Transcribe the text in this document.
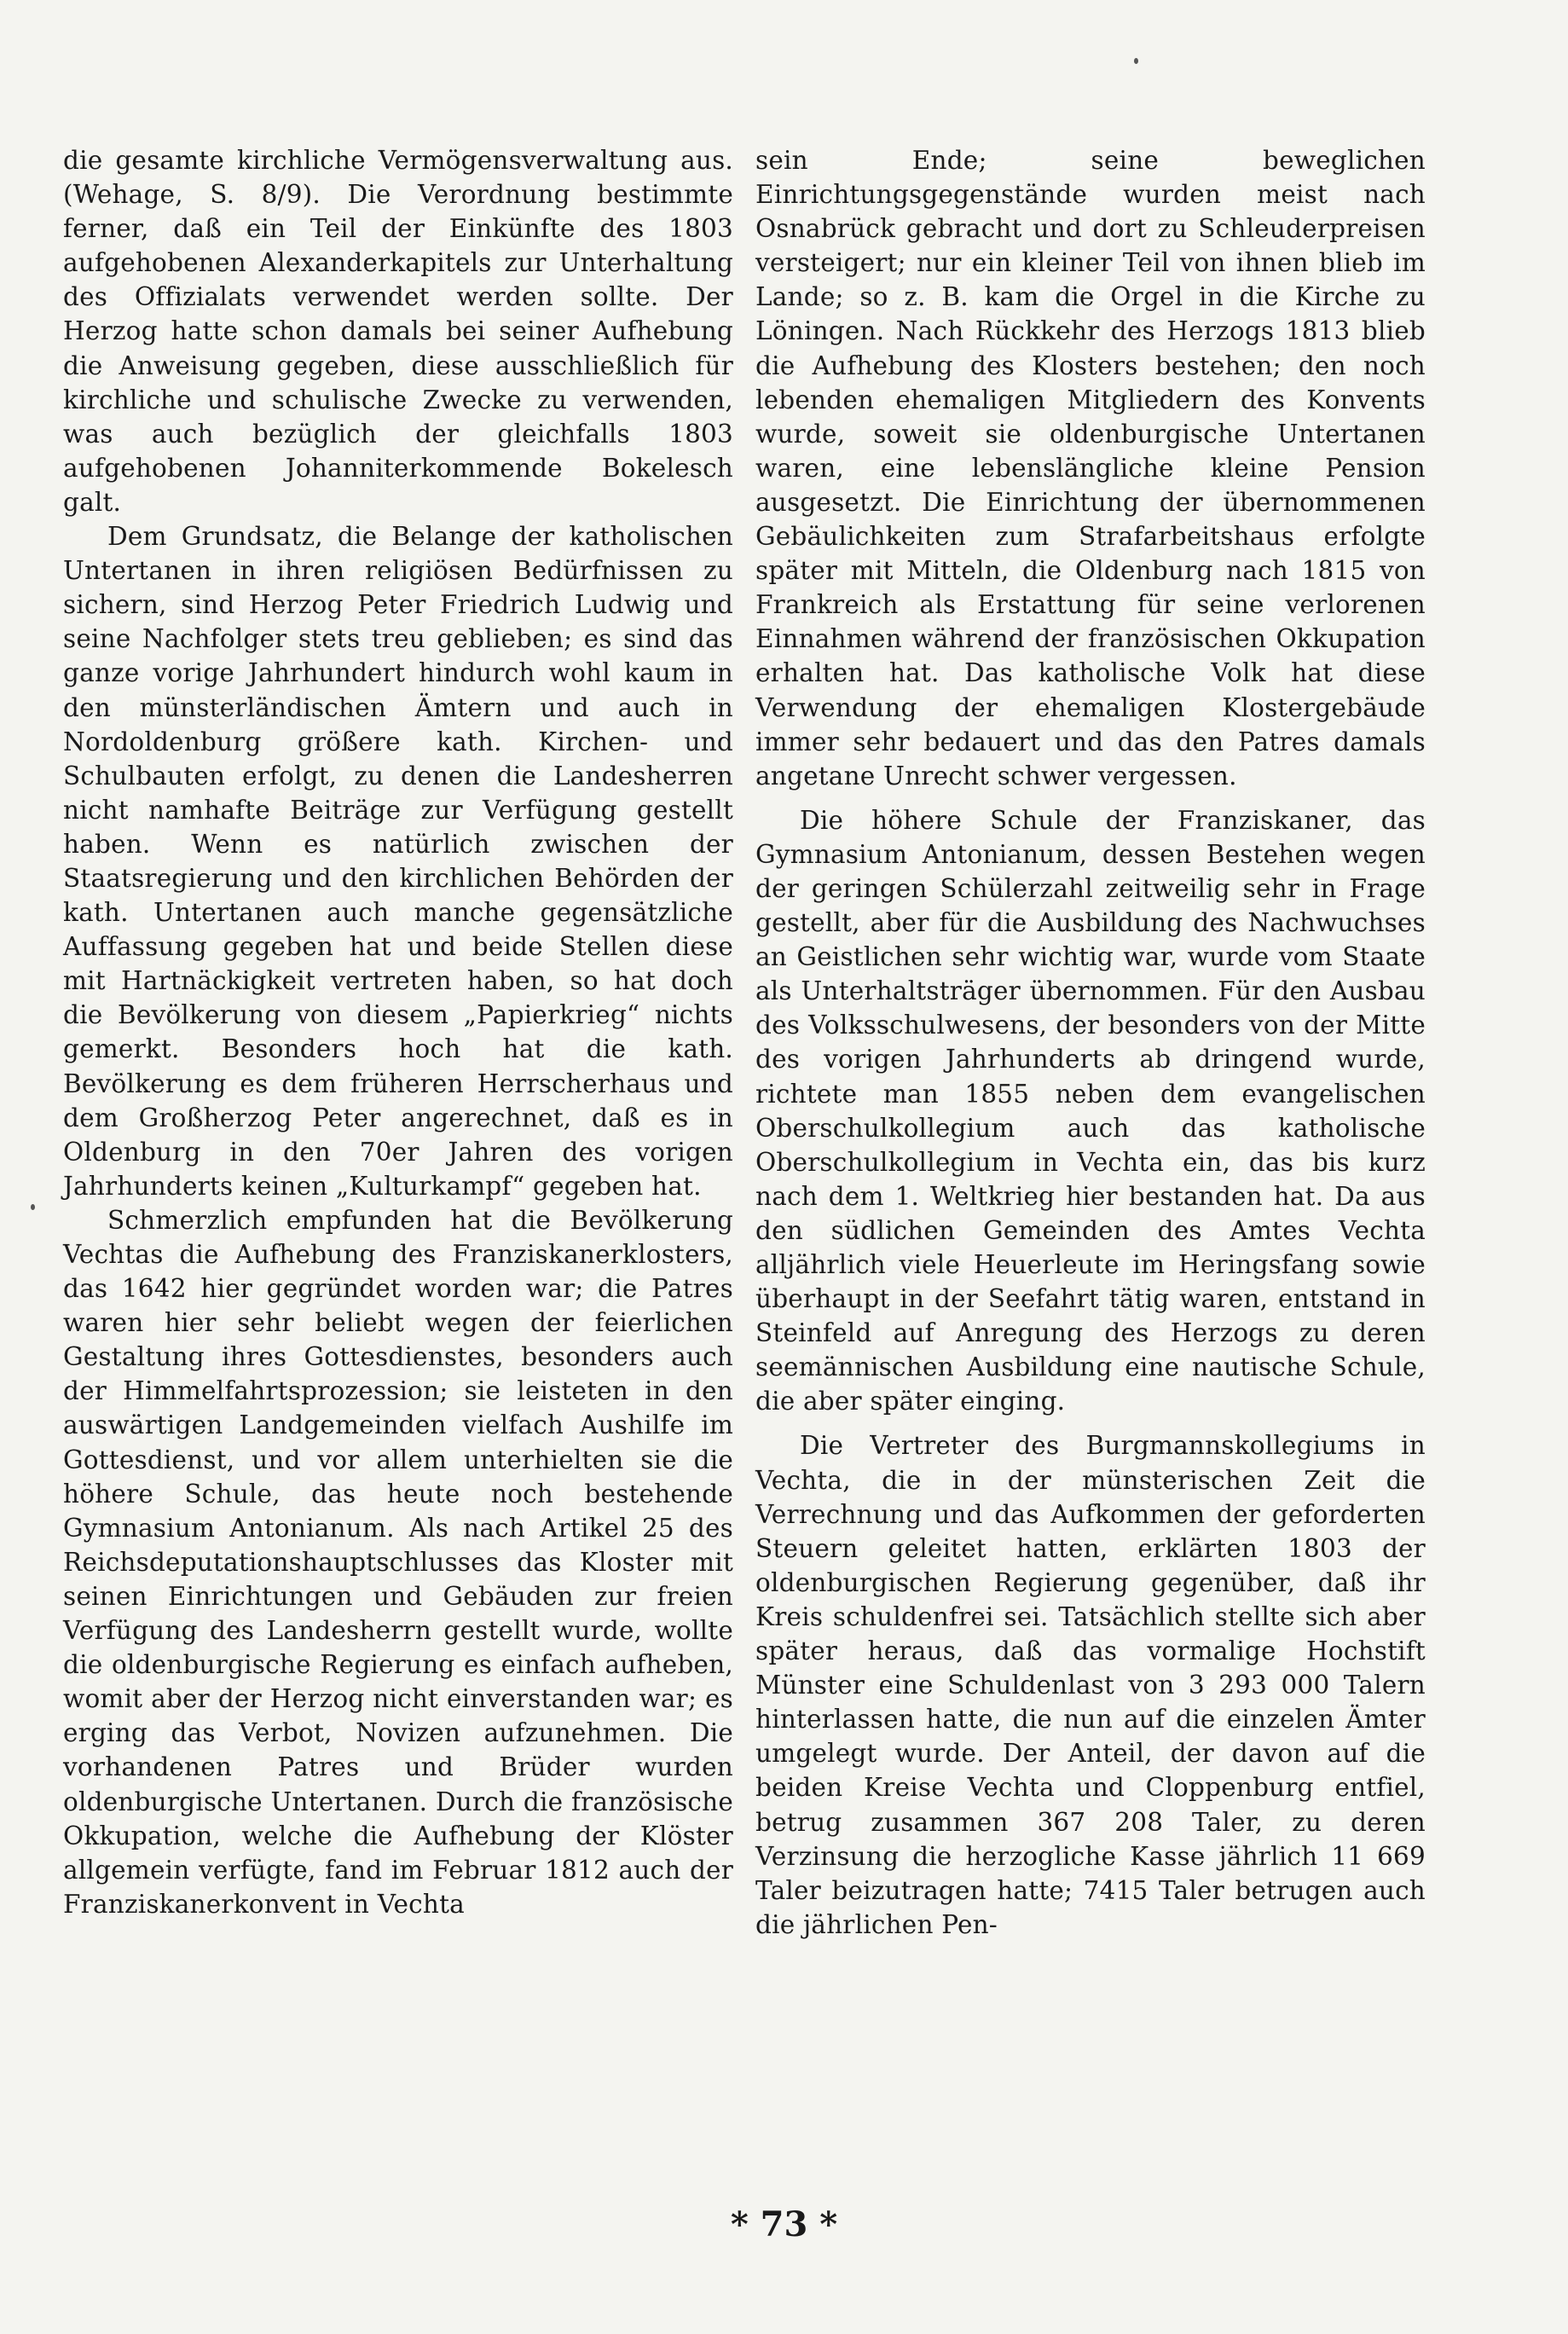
die gesamte kirchliche Vermögensverwaltung aus. (Wehage, S. 8/9). Die Verordnung bestimmte ferner, daß ein Teil der Einkünfte des 1803 aufgehobenen Alexanderkapitels zur Unterhaltung des Offizialats verwendet werden sollte. Der Herzog hatte schon damals bei seiner Aufhebung die Anweisung gegeben, diese ausschließlich für kirchliche und schulische Zwecke zu verwenden, was auch bezüglich der gleichfalls 1803 aufgehobenen Johanniterkommende Bokelesch galt.

Dem Grundsatz, die Belange der katholischen Untertanen in ihren religiösen Bedürfnissen zu sichern, sind Herzog Peter Friedrich Ludwig und seine Nachfolger stets treu geblieben; es sind das ganze vorige Jahrhundert hindurch wohl kaum in den münsterländischen Ämtern und auch in Nordoldenburg größere kath. Kirchen- und Schulbauten erfolgt, zu denen die Landesherren nicht namhafte Beiträge zur Verfügung gestellt haben. Wenn es natürlich zwischen der Staatsregierung und den kirchlichen Behörden der kath. Untertanen auch manche gegensätzliche Auffassung gegeben hat und beide Stellen diese mit Hartnäckigkeit vertreten haben, so hat doch die Bevölkerung von diesem „Papierkrieg“ nichts gemerkt. Besonders hoch hat die kath. Bevölkerung es dem früheren Herrscherhaus und dem Großherzog Peter angerechnet, daß es in Oldenburg in den 70er Jahren des vorigen Jahrhunderts keinen „Kulturkampf“ gegeben hat.

Schmerzlich empfunden hat die Bevölkerung Vechtas die Aufhebung des Franziskanerklosters, das 1642 hier gegründet worden war; die Patres waren hier sehr beliebt wegen der feierlichen Gestaltung ihres Gottesdienstes, besonders auch der Himmelfahrtsprozession; sie leisteten in den auswärtigen Landgemeinden vielfach Aushilfe im Gottesdienst, und vor allem unterhielten sie die höhere Schule, das heute noch bestehende Gymnasium Antonianum. Als nach Artikel 25 des Reichsdeputationshauptschlusses das Kloster mit seinen Einrichtungen und Gebäuden zur freien Verfügung des Landesherrn gestellt wurde, wollte die oldenburgische Regierung es einfach aufheben, womit aber der Herzog nicht einverstanden war; es erging das Verbot, Novizen aufzunehmen. Die vorhandenen Patres und Brüder wurden oldenburgische Untertanen. Durch die französische Okkupation, welche die Aufhebung der Klöster allgemein verfügte, fand im Februar 1812 auch der Franziskanerkonvent in Vechta

sein Ende; seine beweglichen Einrichtungsgegenstände wurden meist nach Osnabrück gebracht und dort zu Schleuderpreisen versteigert; nur ein kleiner Teil von ihnen blieb im Lande; so z. B. kam die Orgel in die Kirche zu Löningen. Nach Rückkehr des Herzogs 1813 blieb die Aufhebung des Klosters bestehen; den noch lebenden ehemaligen Mitgliedern des Konvents wurde, soweit sie oldenburgische Untertanen waren, eine lebenslängliche kleine Pension ausgesetzt. Die Einrichtung der übernommenen Gebäulichkeiten zum Strafarbeitshaus erfolgte später mit Mitteln, die Oldenburg nach 1815 von Frankreich als Erstattung für seine verlorenen Einnahmen während der französischen Okkupation erhalten hat. Das katholische Volk hat diese Verwendung der ehemaligen Klostergebäude immer sehr bedauert und das den Patres damals angetane Unrecht schwer vergessen.

Die höhere Schule der Franziskaner, das Gymnasium Antonianum, dessen Bestehen wegen der geringen Schülerzahl zeitweilig sehr in Frage gestellt, aber für die Ausbildung des Nachwuchses an Geistlichen sehr wichtig war, wurde vom Staate als Unterhaltsträger übernommen. Für den Ausbau des Volksschulwesens, der besonders von der Mitte des vorigen Jahrhunderts ab dringend wurde, richtete man 1855 neben dem evangelischen Oberschulkollegium auch das katholische Oberschulkollegium in Vechta ein, das bis kurz nach dem 1. Weltkrieg hier bestanden hat. Da aus den südlichen Gemeinden des Amtes Vechta alljährlich viele Heuerleute im Heringsfang sowie überhaupt in der Seefahrt tätig waren, entstand in Steinfeld auf Anregung des Herzogs zu deren seemännischen Ausbildung eine nautische Schule, die aber später einging.

Die Vertreter des Burgmannskollegiums in Vechta, die in der münsterischen Zeit die Verrechnung und das Aufkommen der geforderten Steuern geleitet hatten, erklärten 1803 der oldenburgischen Regierung gegenüber, daß ihr Kreis schuldenfrei sei. Tatsächlich stellte sich aber später heraus, daß das vormalige Hochstift Münster eine Schuldenlast von 3 293 000 Talern hinterlassen hatte, die nun auf die einzelen Ämter umgelegt wurde. Der Anteil, der davon auf die beiden Kreise Vechta und Cloppenburg entfiel, betrug zusammen 367 208 Taler, zu deren Verzinsung die herzogliche Kasse jährlich 11 669 Taler beizutragen hatte; 7415 Taler betrugen auch die jährlichen Pen-

* 73 *
